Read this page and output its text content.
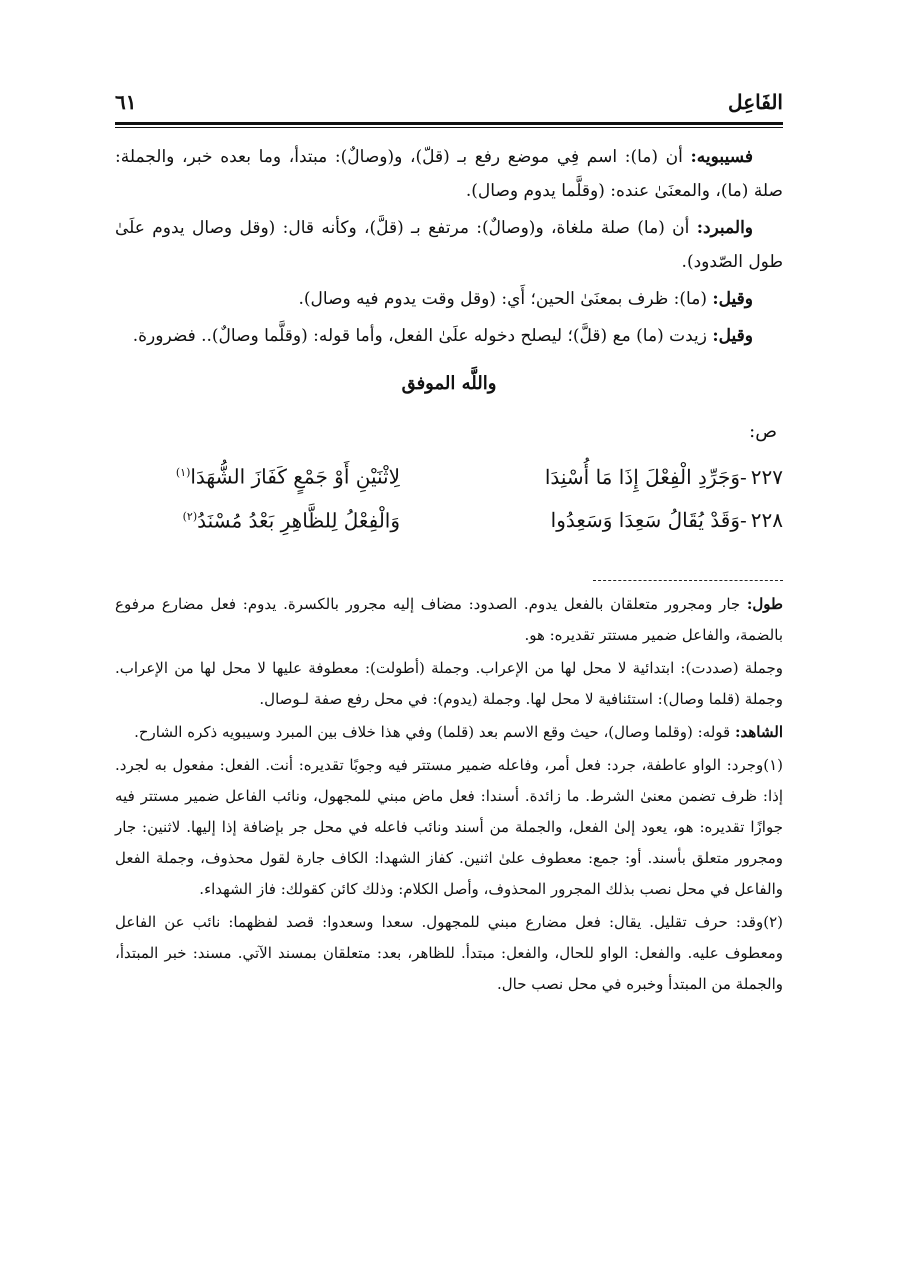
الفَاعِل
٦١

فسيبويه: أن (ما): اسم فِي موضع رفع بـ (قلّ)، و(وصالٌ): مبتدأ، وما بعده خبر، والجملة: صلة (ما)، والمعنَىٰ عنده: (وقلَّما يدوم وصال).

والمبرد: أن (ما) صلة ملغاة، و(وصالٌ): مرتفع بـ (قلَّ)، وكأنه قال: (وقل وصال يدوم علَىٰ طول الصّدود).

وقيل: (ما): ظرف بمعنَىٰ الحين؛ أَي: (وقل وقت يدوم فيه وصال).

وقيل: زيدت (ما) مع (قلَّ)؛ ليصلح دخوله علَىٰ الفعل، وأما قوله: (وقلَّما وصالٌ).. فضرورة.

واللَّه الموفق
ص:
٢٢٧
-
وَجَرِّدِ الْفِعْلَ إِذَا مَا أُسْنِدَا
لِاثْنَيْنِ أَوْ جَمْعٍ كَفَازَ الشُّهَدَا$^{(١)}$
٢٢٨
-
وَقَدْ يُقَالُ سَعِدَا وَسَعِدُوا
وَالْفِعْلُ لِلظَّاهِرِ بَعْدُ مُسْنَدُ$^{(٢)}$

طول: جار ومجرور متعلقان بالفعل يدوم. الصدود: مضاف إليه مجرور بالكسرة. يدوم: فعل مضارع مرفوع بالضمة، والفاعل ضمير مستتر تقديره: هو.

وجملة (صددت): ابتدائية لا محل لها من الإعراب. وجملة (أطولت): معطوفة عليها لا محل لها من الإعراب. وجملة (قلما وصال): استئنافية لا محل لها. وجملة (يدوم): في محل رفع صفة لـوصال.

الشاهد: قوله: (وقلما وصال)، حيث وقع الاسم بعد (قلما) وفي هذا خلاف بين المبرد وسيبويه ذكره الشارح.

(١)وجرد: الواو عاطفة، جرد: فعل أمر، وفاعله ضمير مستتر فيه وجوبًا تقديره: أنت. الفعل: مفعول به لجرد. إذا: ظرف تضمن معنىٰ الشرط. ما زائدة. أسندا: فعل ماض مبني للمجهول، ونائب الفاعل ضمير مستتر فيه جوازًا تقديره: هو، يعود إلىٰ الفعل، والجملة من أسند ونائب فاعله في محل جر بإضافة إذا إليها. لاثنين: جار ومجرور متعلق بأسند. أو: جمع: معطوف علىٰ اثنين. كفاز الشهدا: الكاف جارة لقول محذوف، وجملة الفعل والفاعل في محل نصب بذلك المجرور المحذوف، وأصل الكلام: وذلك كائن كقولك: فاز الشهداء.

(٢)وقد: حرف تقليل. يقال: فعل مضارع مبني للمجهول. سعدا وسعدوا: قصد لفظهما: نائب عن الفاعل ومعطوف عليه. والفعل: الواو للحال، والفعل: مبتدأ. للظاهر، بعد: متعلقان بمسند الآتي. مسند: خبر المبتدأ، والجملة من المبتدأ وخبره في محل نصب حال.
